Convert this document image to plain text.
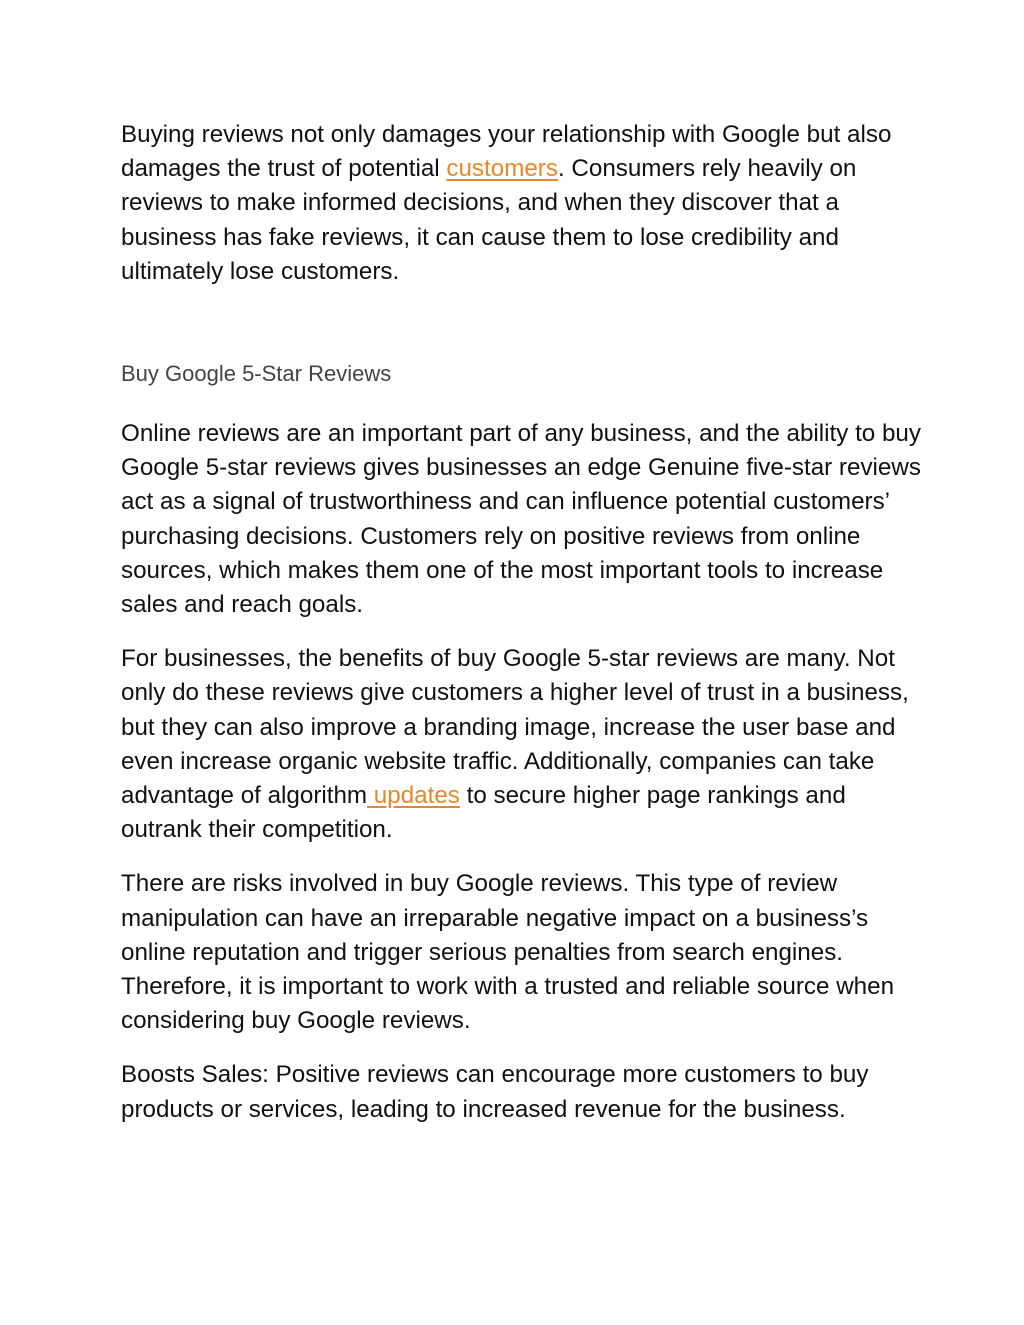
Buying reviews not only damages your relationship with Google but also damages the trust of potential customers. Consumers rely heavily on reviews to make informed decisions, and when they discover that a business has fake reviews, it can cause them to lose credibility and ultimately lose customers.

Buy Google 5-Star Reviews

Online reviews are an important part of any business, and the ability to buy Google 5-star reviews gives businesses an edge Genuine five-star reviews act as a signal of trustworthiness and can influence potential customers’ purchasing decisions. Customers rely on positive reviews from online sources, which makes them one of the most important tools to increase sales and reach goals.

For businesses, the benefits of buy Google 5-star reviews are many. Not only do these reviews give customers a higher level of trust in a business, but they can also improve a branding image, increase the user base and even increase organic website traffic. Additionally, companies can take advantage of algorithm updates to secure higher page rankings and outrank their competition.

There are risks involved in buy Google reviews. This type of review manipulation can have an irreparable negative impact on a business’s online reputation and trigger serious penalties from search engines. Therefore, it is important to work with a trusted and reliable source when considering buy Google reviews.

Boosts Sales: Positive reviews can encourage more customers to buy products or services, leading to increased revenue for the business.
